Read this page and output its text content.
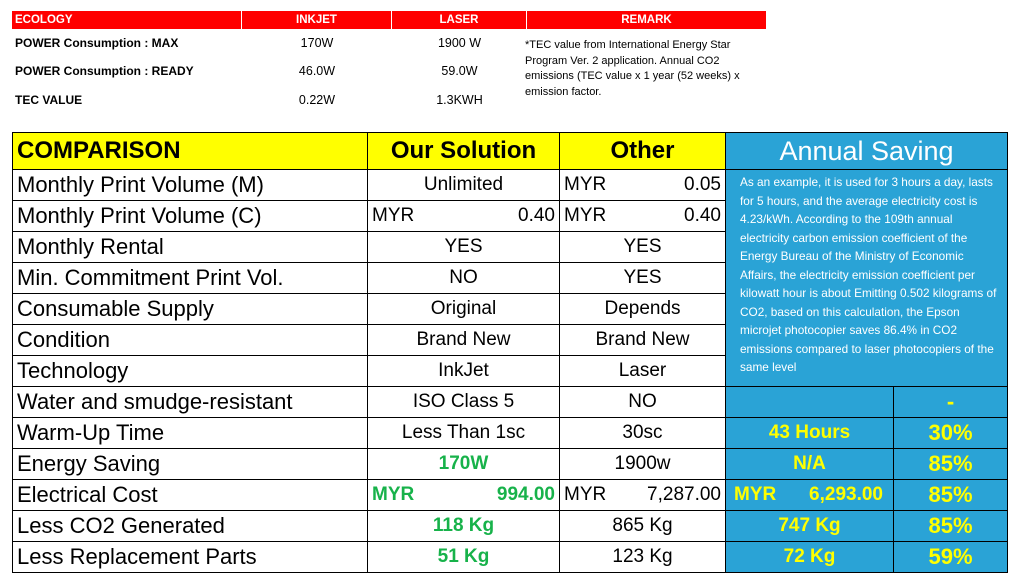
ECOLOGY	INKJET	LASER	REMARK
POWER Consumption : MAX	170W	1900 W
POWER Consumption : READY	46.0W	59.0W
TEC VALUE	0.22W	1.3KWH
*TEC value from International Energy Star Program Ver. 2 application. Annual CO2 emissions (TEC value x 1 year (52 weeks) x emission factor.
COMPARISON	Our Solution	Other	Annual Saving	
Monthly Print Volume (M)	Unlimited	MYR 0.05	As an example, it is used for 3 hours a day, lasts for 5 hours, and the average electricity cost is 4.23/kWh. According to the 109th annual electricity carbon emission coefficient of the Energy Bureau of the Ministry of Economic Affairs, the electricity emission coefficient per kilowatt hour is about Emitting 0.502 kilograms of CO2, based on this calculation, the Epson microjet photocopier saves 86.4% in CO2 emissions compared to laser photocopiers of the same level	
Monthly Print Volume (C)	MYR 0.40	MYR 0.40		

Monthly Rental	YES	YES		
Min. Commitment Print Vol.	NO	YES		
Consumable Supply	Original	Depends		
Condition	Brand New	Brand New		
Technology	InkJet	Laser		
Water and smudge-resistant	ISO Class 5	NO		-
Warm-Up Time	Less Than 1sc	30sc	43 Hours	30%
Energy Saving	170W	1900w	N/A	85%
Electrical Cost	MYR 994.00	MYR 7,287.00	MYR 6,293.00	85%
Less CO2 Generated	118 Kg	865 Kg	747 Kg	85%
Less Replacement Parts	51 Kg	123 Kg	72 Kg	59%
